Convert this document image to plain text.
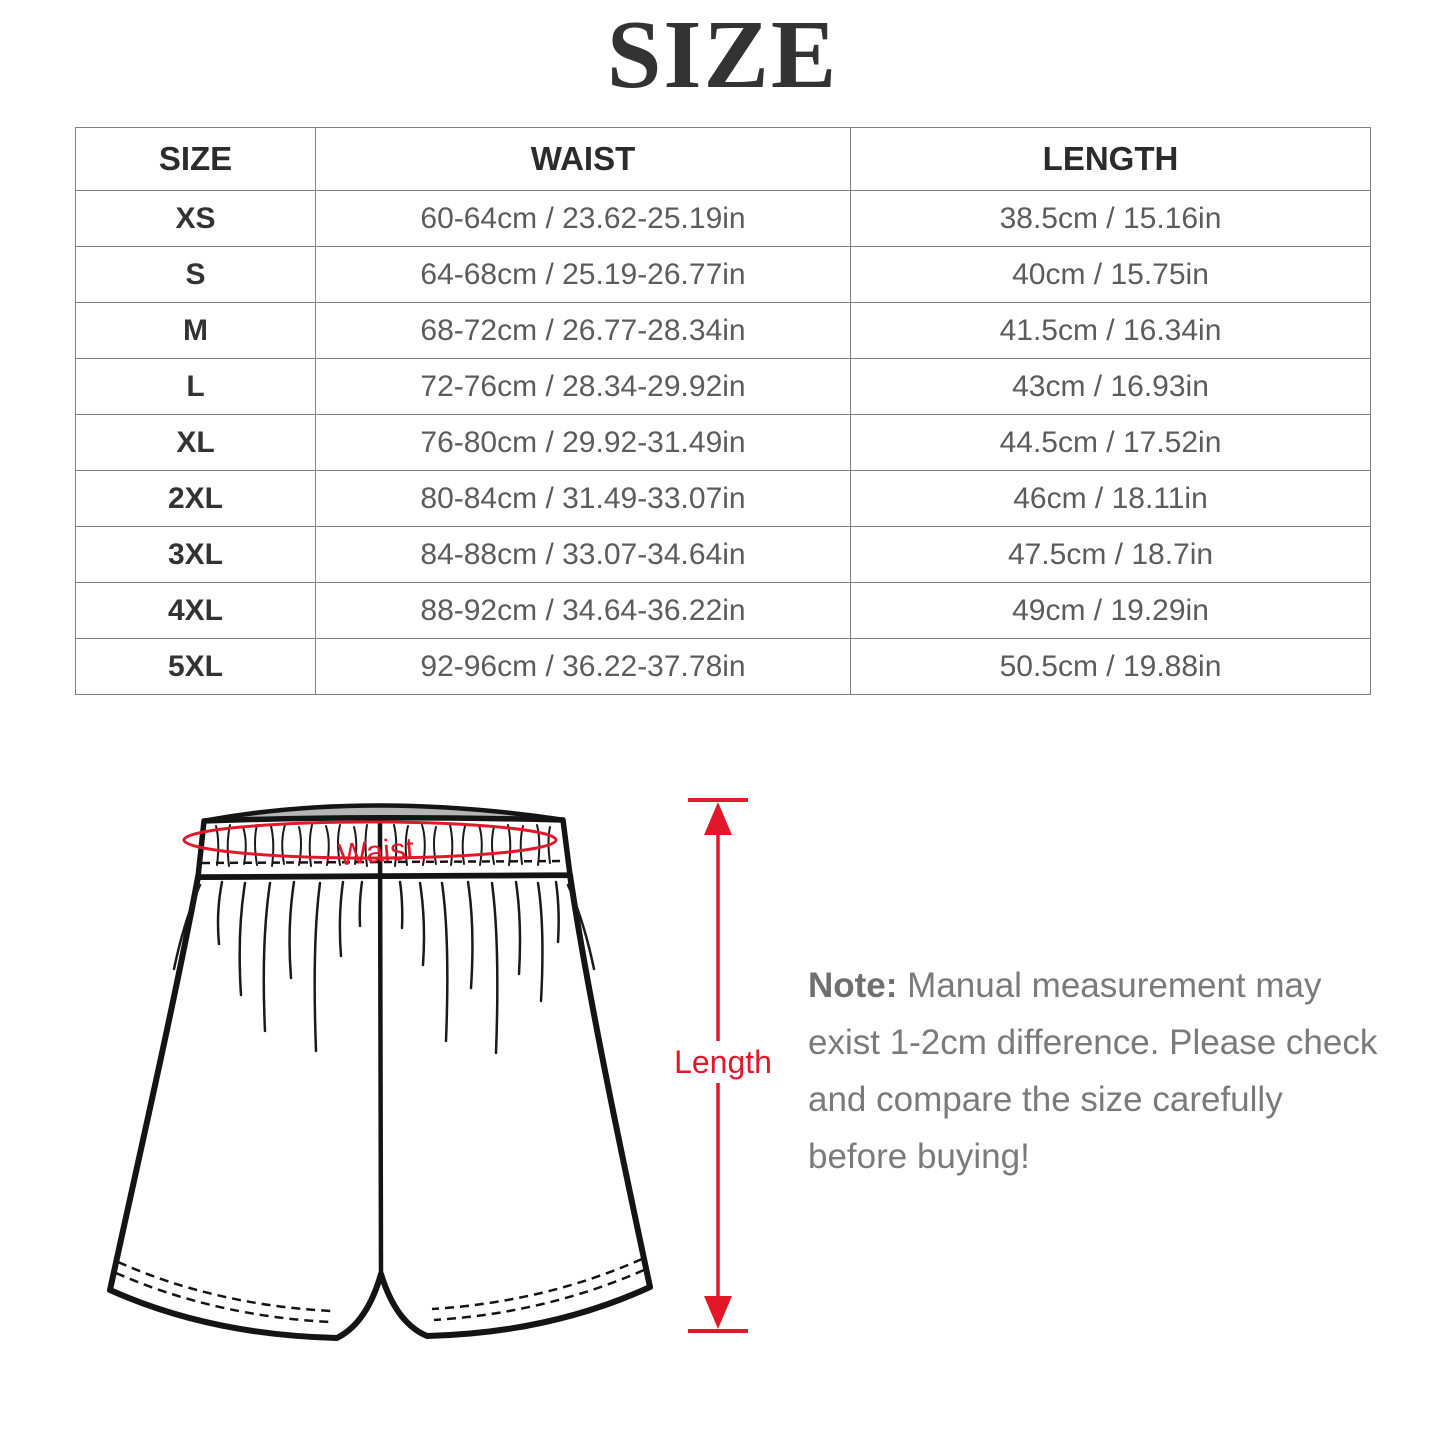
SIZE
SIZE	WAIST	LENGTH
XS	60-64cm / 23.62-25.19in	38.5cm / 15.16in
S	64-68cm / 25.19-26.77in	40cm / 15.75in
M	68-72cm / 26.77-28.34in	41.5cm / 16.34in
L	72-76cm / 28.34-29.92in	43cm / 16.93in
XL	76-80cm / 29.92-31.49in	44.5cm / 17.52in
2XL	80-84cm / 31.49-33.07in	46cm / 18.11in
3XL	84-88cm / 33.07-34.64in	47.5cm / 18.7in
4XL	88-92cm / 34.64-36.22in	49cm / 19.29in
5XL	92-96cm / 36.22-37.78in	50.5cm / 19.88in
Waist
Length
Note: Manual measurement may exist 1-2cm difference. Please check and compare the size carefully before buying!
